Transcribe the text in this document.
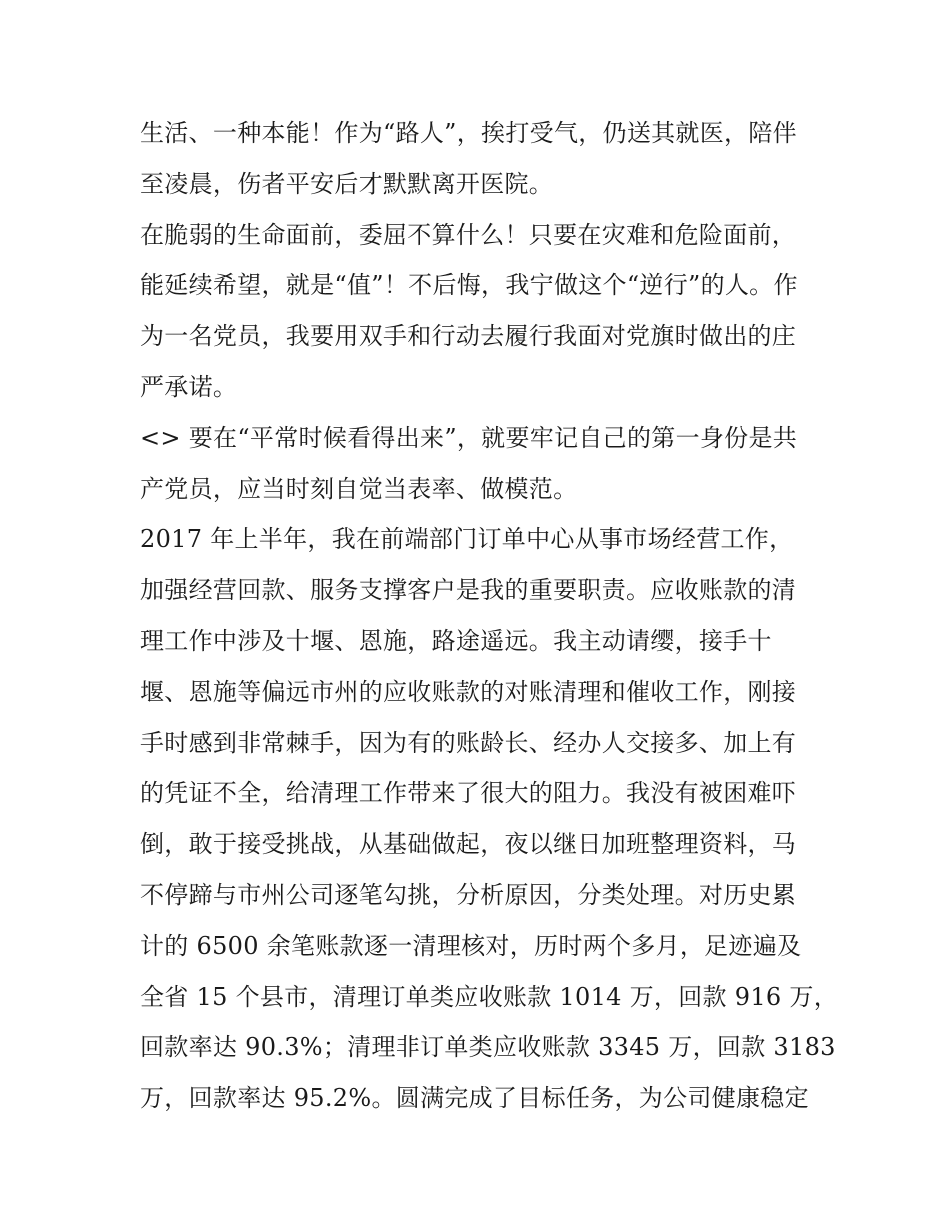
生活、一种本能！作为“路人”，挨打受气，仍送其就医，陪伴
至凌晨，伤者平安后才默默离开医院。
在脆弱的生命面前，委屈不算什么！只要在灾难和危险面前，
能延续希望，就是“值”！不后悔，我宁做这个“逆行”的人。作
为一名党员，我要用双手和行动去履行我面对党旗时做出的庄
严承诺。
<> 要在“平常时候看得出来”，就要牢记自己的第一身份是共
产党员，应当时刻自觉当表率、做模范。
2017 年上半年，我在前端部门订单中心从事市场经营工作，
加强经营回款、服务支撑客户是我的重要职责。应收账款的清
理工作中涉及十堰、恩施，路途遥远。我主动请缨，接手十
堰、恩施等偏远市州的应收账款的对账清理和催收工作，刚接
手时感到非常棘手，因为有的账龄长、经办人交接多、加上有
的凭证不全，给清理工作带来了很大的阻力。我没有被困难吓
倒，敢于接受挑战，从基础做起，夜以继日加班整理资料，马
不停蹄与市州公司逐笔勾挑，分析原因，分类处理。对历史累
计的 6500 余笔账款逐一清理核对，历时两个多月，足迹遍及
全省 15 个县市，清理订单类应收账款 1014 万，回款 916 万，
回款率达 90.3%；清理非订单类应收账款 3345 万，回款 3183
万，回款率达 95.2%。圆满完成了目标任务，为公司健康稳定
